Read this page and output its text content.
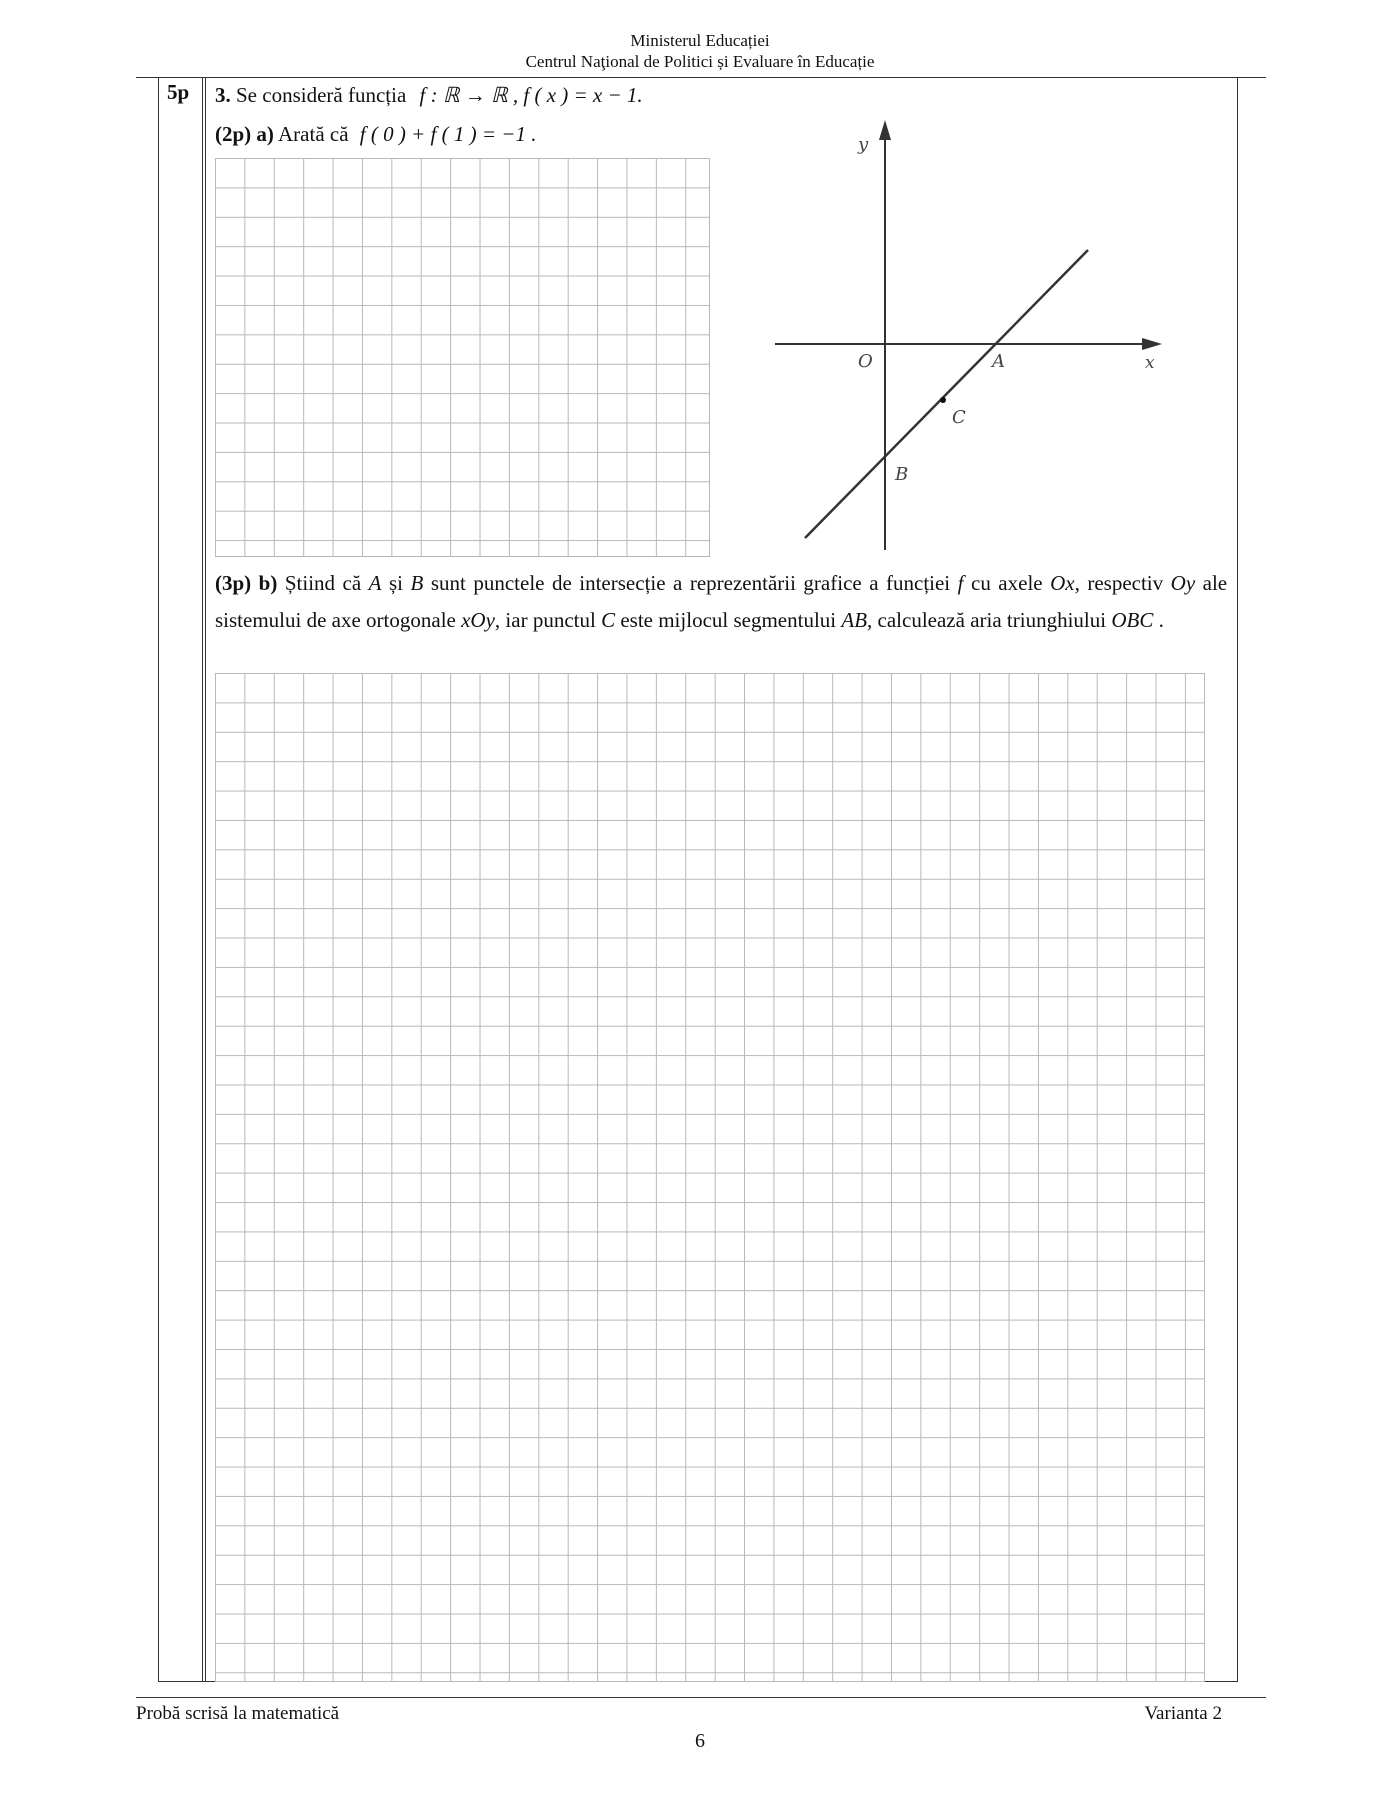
Ministerul Educației
Centrul Naţional de Politici și Evaluare în Educație
5p 3. Se consideră funcția f : ℝ → ℝ , f ( x ) = x − 1.
(2p) a) Arată că f ( 0 ) + f ( 1 ) = −1 .	y
x
O	A
B
C
(3p) b) Știind că A și B sunt punctele de intersecție a reprezentării grafice a funcției f cu axele Ox, respectiv Oy ale sistemului de axe ortogonale xOy, iar punctul C este mijlocul segmentului AB, calculează aria triunghiului OBC .
Probă scrisă la matematică	Varianta 2
6
